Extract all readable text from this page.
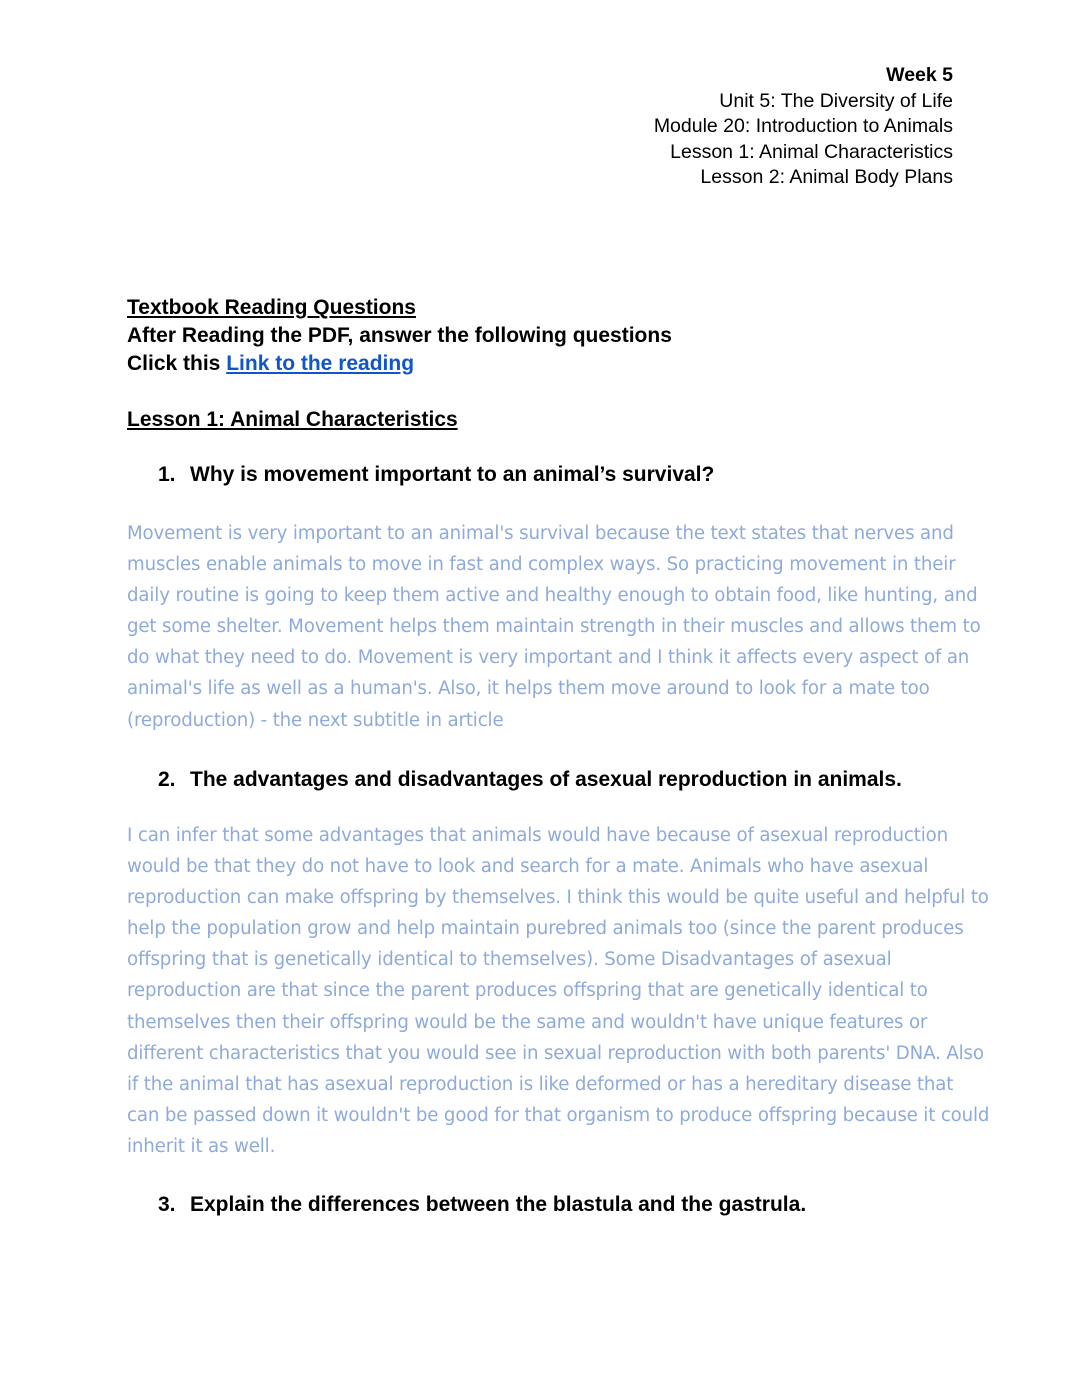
Week 5
Unit 5: The Diversity of Life
Module 20: Introduction to Animals
Lesson 1: Animal Characteristics
Lesson 2: Animal Body Plans
Textbook Reading Questions
After Reading the PDF, answer the following questions
Click this Link to the reading
Lesson 1: Animal Characteristics
1. Why is movement important to an animal’s survival?
Movement is very important to an animal's survival because the text states that nerves and
muscles enable animals to move in fast and complex ways. So practicing movement in their
daily routine is going to keep them active and healthy enough to obtain food, like hunting, and
get some shelter. Movement helps them maintain strength in their muscles and allows them to
do what they need to do. Movement is very important and I think it affects every aspect of an
animal's life as well as a human's. Also, it helps them move around to look for a mate too
(reproduction) - the next subtitle in article
2. The advantages and disadvantages of asexual reproduction in animals.
I can infer that some advantages that animals would have because of asexual reproduction
would be that they do not have to look and search for a mate. Animals who have asexual
reproduction can make offspring by themselves. I think this would be quite useful and helpful to
help the population grow and help maintain purebred animals too (since the parent produces
offspring that is genetically identical to themselves). Some Disadvantages of asexual
reproduction are that since the parent produces offspring that are genetically identical to
themselves then their offspring would be the same and wouldn't have unique features or
different characteristics that you would see in sexual reproduction with both parents' DNA. Also
if the animal that has asexual reproduction is like deformed or has a hereditary disease that
can be passed down it wouldn't be good for that organism to produce offspring because it could
inherit it as well.
3. Explain the differences between the blastula and the gastrula.
